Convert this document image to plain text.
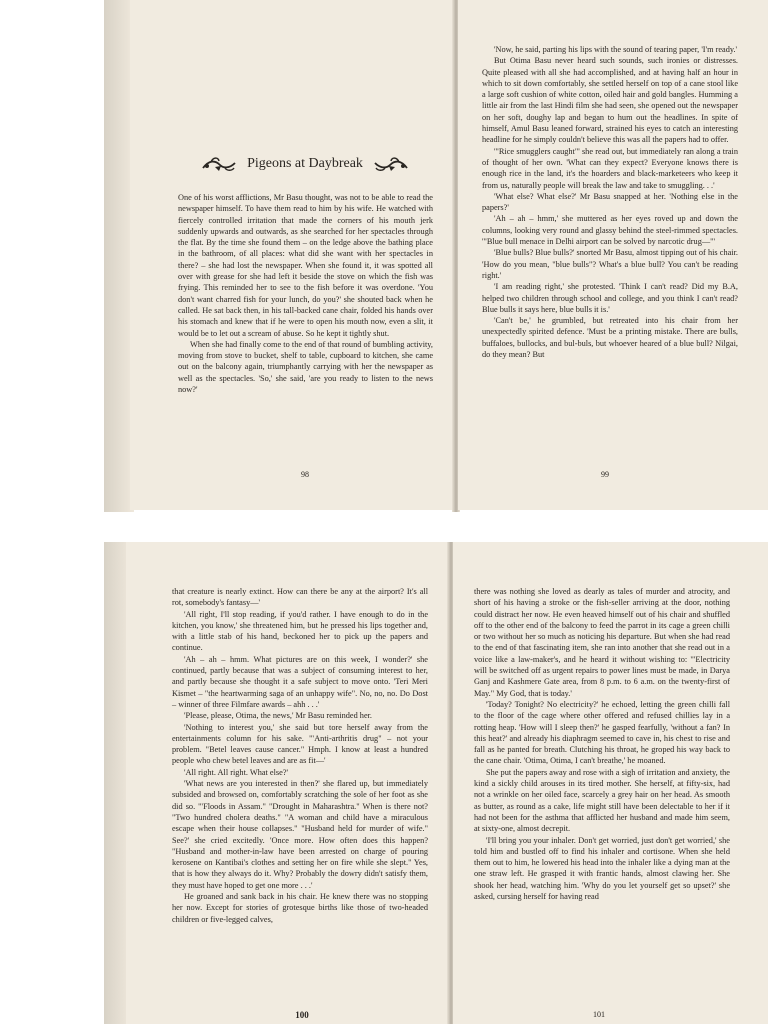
Pigeons at Daybreak

One of his worst afflictions, Mr Basu thought, was not to be able to read the newspaper himself. To have them read to him by his wife. He watched with fiercely controlled irritation that made the corners of his mouth jerk suddenly upwards and outwards, as she searched for her spectacles through the flat. By the time she found them – on the ledge above the bathing place in the bathroom, of all places: what did she want with her spectacles in there? – she had lost the newspaper. When she found it, it was spotted all over with grease for she had left it beside the stove on which the fish was frying. This reminded her to see to the fish before it was overdone. 'You don't want charred fish for your lunch, do you?' she shouted back when he called. He sat back then, in his tall-backed cane chair, folded his hands over his stomach and knew that if he were to open his mouth now, even a slit, it would be to let out a scream of abuse. So he kept it tightly shut.

When she had finally come to the end of that round of bumbling activity, moving from stove to bucket, shelf to table, cupboard to kitchen, she came out on the balcony again, triumphantly carrying with her the newspaper as well as the spectacles. 'So,' she said, 'are you ready to listen to the news now?'

98

'Now, he said, parting his lips with the sound of tearing paper, 'I'm ready.'

But Otima Basu never heard such sounds, such ironies or distresses. Quite pleased with all she had accomplished, and at having half an hour in which to sit down comfortably, she settled herself on top of a cane stool like a large soft cushion of white cotton, oiled hair and gold bangles. Humming a little air from the last Hindi film she had seen, she opened out the newspaper on her soft, doughy lap and began to hum out the headlines. In spite of himself, Amul Basu leaned forward, strained his eyes to catch an interesting headline for he simply couldn't believe this was all the papers had to offer.

'"Rice smugglers caught"' she read out, but immediately ran along a train of thought of her own. 'What can they expect? Everyone knows there is enough rice in the land, it's the hoarders and black-marketeers who keep it from us, naturally people will break the law and take to smuggling. . .'

'What else? What else?' Mr Basu snapped at her. 'Nothing else in the papers?'

'Ah – ah – hmm,' she muttered as her eyes roved up and down the columns, looking very round and glassy behind the steel-rimmed spectacles. '"Blue bull menace in Delhi airport can be solved by narcotic drug—"'

'Blue bulls? Blue bulls?' snorted Mr Basu, almost tipping out of his chair. 'How do you mean, "blue bulls"? What's a blue bull? You can't be reading right.'

'I am reading right,' she protested. 'Think I can't read? Did my B.A, helped two children through school and college, and you think I can't read? Blue bulls it says here, blue bulls it is.'

'Can't be,' he grumbled, but retreated into his chair from her unexpectedly spirited defence. 'Must be a printing mistake. There are bulls, buffaloes, bullocks, and bul-buls, but whoever heared of a blue bull? Nilgai, do they mean? But

99

that creature is nearly extinct. How can there be any at the airport? It's all rot, somebody's fantasy—'

'All right, I'll stop reading, if you'd rather. I have enough to do in the kitchen, you know,' she threatened him, but he pressed his lips together and, with a little stab of his hand, beckoned her to pick up the papers and continue.

'Ah – ah – hmm. What pictures are on this week, I wonder?' she continued, partly because that was a subject of consuming interest to her, and partly because she thought it a safe subject to move onto. 'Teri Meri Kismet – "the heartwarming saga of an unhappy wife". No, no, no. Do Dost – winner of three Filmfare awards – ahh . . .'

'Please, please, Otima, the news,' Mr Basu reminded her.

'Nothing to interest you,' she said but tore herself away from the entertainments column for his sake. '"Anti-arthritis drug" – not your problem. "Betel leaves cause cancer." Hmph. I know at least a hundred people who chew betel leaves and are as fit—'

'All right. All right. What else?'

'What news are you interested in then?' she flared up, but immediately subsided and browsed on, comfortably scratching the sole of her foot as she did so. '"Floods in Assam." "Drought in Maharashtra." When is there not? "Two hundred cholera deaths." "A woman and child have a miraculous escape when their house collapses." "Husband held for murder of wife." See?' she cried excitedly. 'Once more. How often does this happen? "Husband and mother-in-law have been arrested on charge of pouring kerosene on Kantibai's clothes and setting her on fire while she slept." Yes, that is how they always do it. Why? Probably the dowry didn't satisfy them, they must have hoped to get one more . . .'

He groaned and sank back in his chair. He knew there was no stopping her now. Except for stories of grotesque births like those of two-headed children or five-legged calves,

100

there was nothing she loved as dearly as tales of murder and atrocity, and short of his having a stroke or the fish-seller arriving at the door, nothing could distract her now. He even heaved himself out of his chair and shuffled off to the other end of the balcony to feed the parrot in its cage a green chilli or two without her so much as noticing his departure. But when she had read to the end of that fascinating item, she ran into another that she read out in a voice like a law-maker's, and he heard it without wishing to: '"Electricity will be switched off as urgent repairs to power lines must be made, in Darya Ganj and Kashmere Gate area, from 8 p.m. to 6 a.m. on the twenty-first of May." My God, that is today.'

'Today? Tonight? No electricity?' he echoed, letting the green chilli fall to the floor of the cage where other offered and refused chillies lay in a rotting heap. 'How will I sleep then?' he gasped fearfully, 'without a fan? In this heat?' and already his diaphragm seemed to cave in, his chest to rise and fall as he panted for breath. Clutching his throat, he groped his way back to the cane chair. 'Otima, Otima, I can't breathe,' he moaned.

She put the papers away and rose with a sigh of irritation and anxiety, the kind a sickly child arouses in its tired mother. She herself, at fifty-six, had not a wrinkle on her oiled face, scarcely a grey hair on her head. As smooth as butter, as round as a cake, life might still have been delectable to her if it had not been for the asthma that afflicted her husband and made him seem, at sixty-one, almost decrepit.

'I'll bring you your inhaler. Don't get worried, just don't get worried,' she told him and bustled off to find his inhaler and cortisone. When she held them out to him, he lowered his head into the inhaler like a dying man at the one straw left. He grasped it with frantic hands, almost clawing her. She shook her head, watching him. 'Why do you let yourself get so upset?' she asked, cursing herself for having read

101
